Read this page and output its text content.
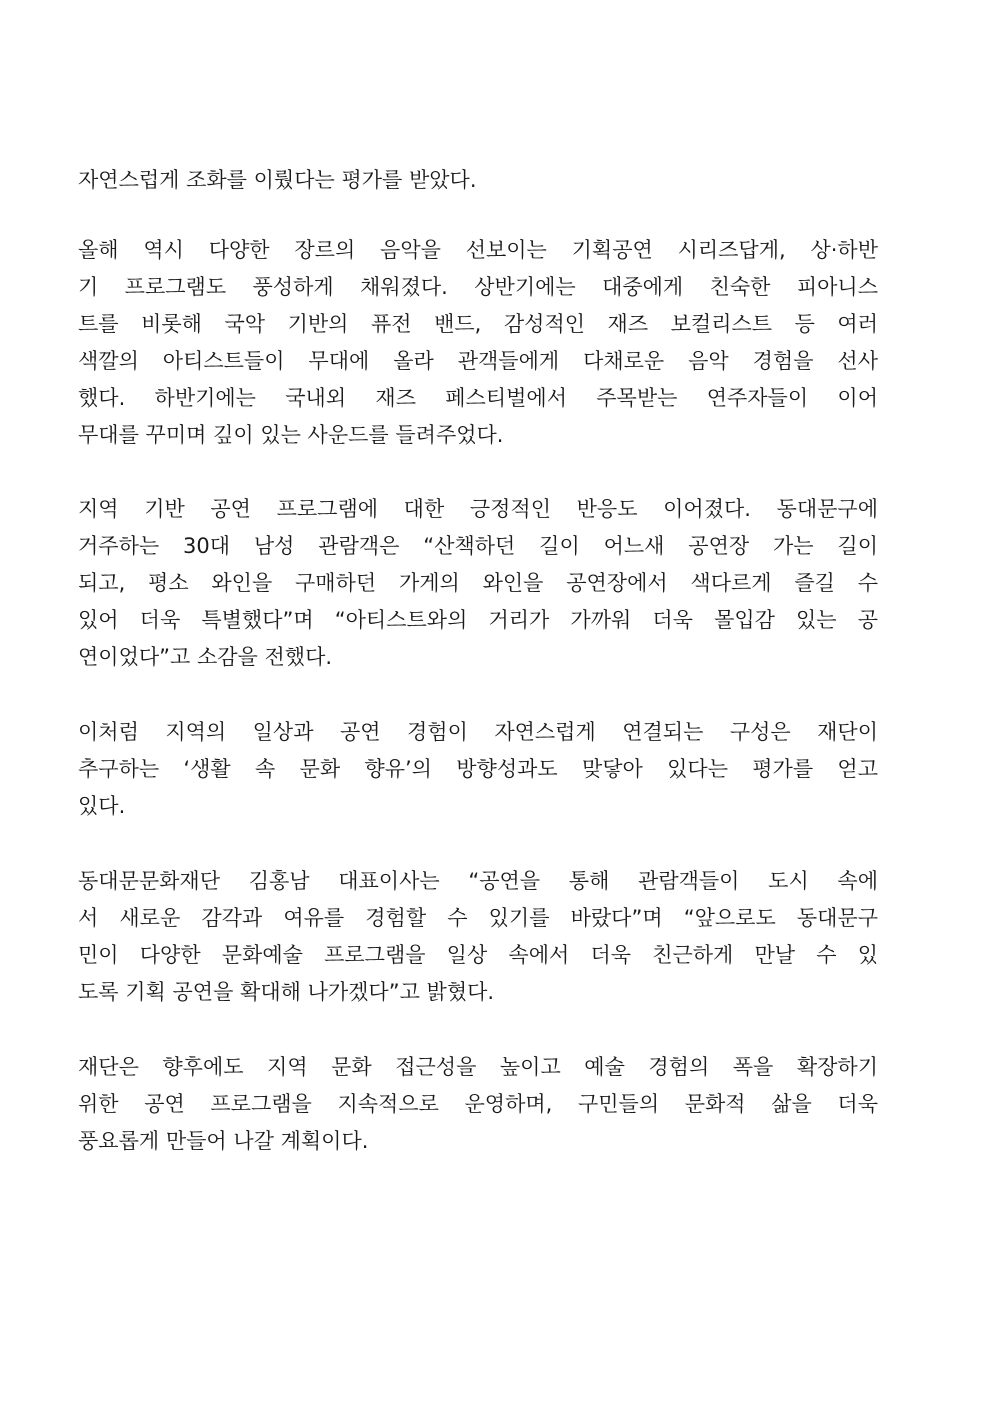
자연스럽게 조화를 이뤘다는 평가를 받았다.
올해 역시 다양한 장르의 음악을 선보이는 기획공연 시리즈답게, 상·하반
기 프로그램도 풍성하게 채워졌다. 상반기에는 대중에게 친숙한 피아니스
트를 비롯해 국악 기반의 퓨전 밴드, 감성적인 재즈 보컬리스트 등 여러
색깔의 아티스트들이 무대에 올라 관객들에게 다채로운 음악 경험을 선사
했다. 하반기에는 국내외 재즈 페스티벌에서 주목받는 연주자들이 이어
무대를 꾸미며 깊이 있는 사운드를 들려주었다.
지역 기반 공연 프로그램에 대한 긍정적인 반응도 이어졌다. 동대문구에
거주하는 30대 남성 관람객은 “산책하던 길이 어느새 공연장 가는 길이
되고, 평소 와인을 구매하던 가게의 와인을 공연장에서 색다르게 즐길 수
있어 더욱 특별했다”며 “아티스트와의 거리가 가까워 더욱 몰입감 있는 공
연이었다”고 소감을 전했다.
이처럼 지역의 일상과 공연 경험이 자연스럽게 연결되는 구성은 재단이
추구하는 ‘생활 속 문화 향유’의 방향성과도 맞닿아 있다는 평가를 얻고
있다.
동대문문화재단 김홍남 대표이사는 “공연을 통해 관람객들이 도시 속에
서 새로운 감각과 여유를 경험할 수 있기를 바랐다”며 “앞으로도 동대문구
민이 다양한 문화예술 프로그램을 일상 속에서 더욱 친근하게 만날 수 있
도록 기획 공연을 확대해 나가겠다”고 밝혔다.
재단은 향후에도 지역 문화 접근성을 높이고 예술 경험의 폭을 확장하기
위한 공연 프로그램을 지속적으로 운영하며, 구민들의 문화적 삶을 더욱
풍요롭게 만들어 나갈 계획이다.
